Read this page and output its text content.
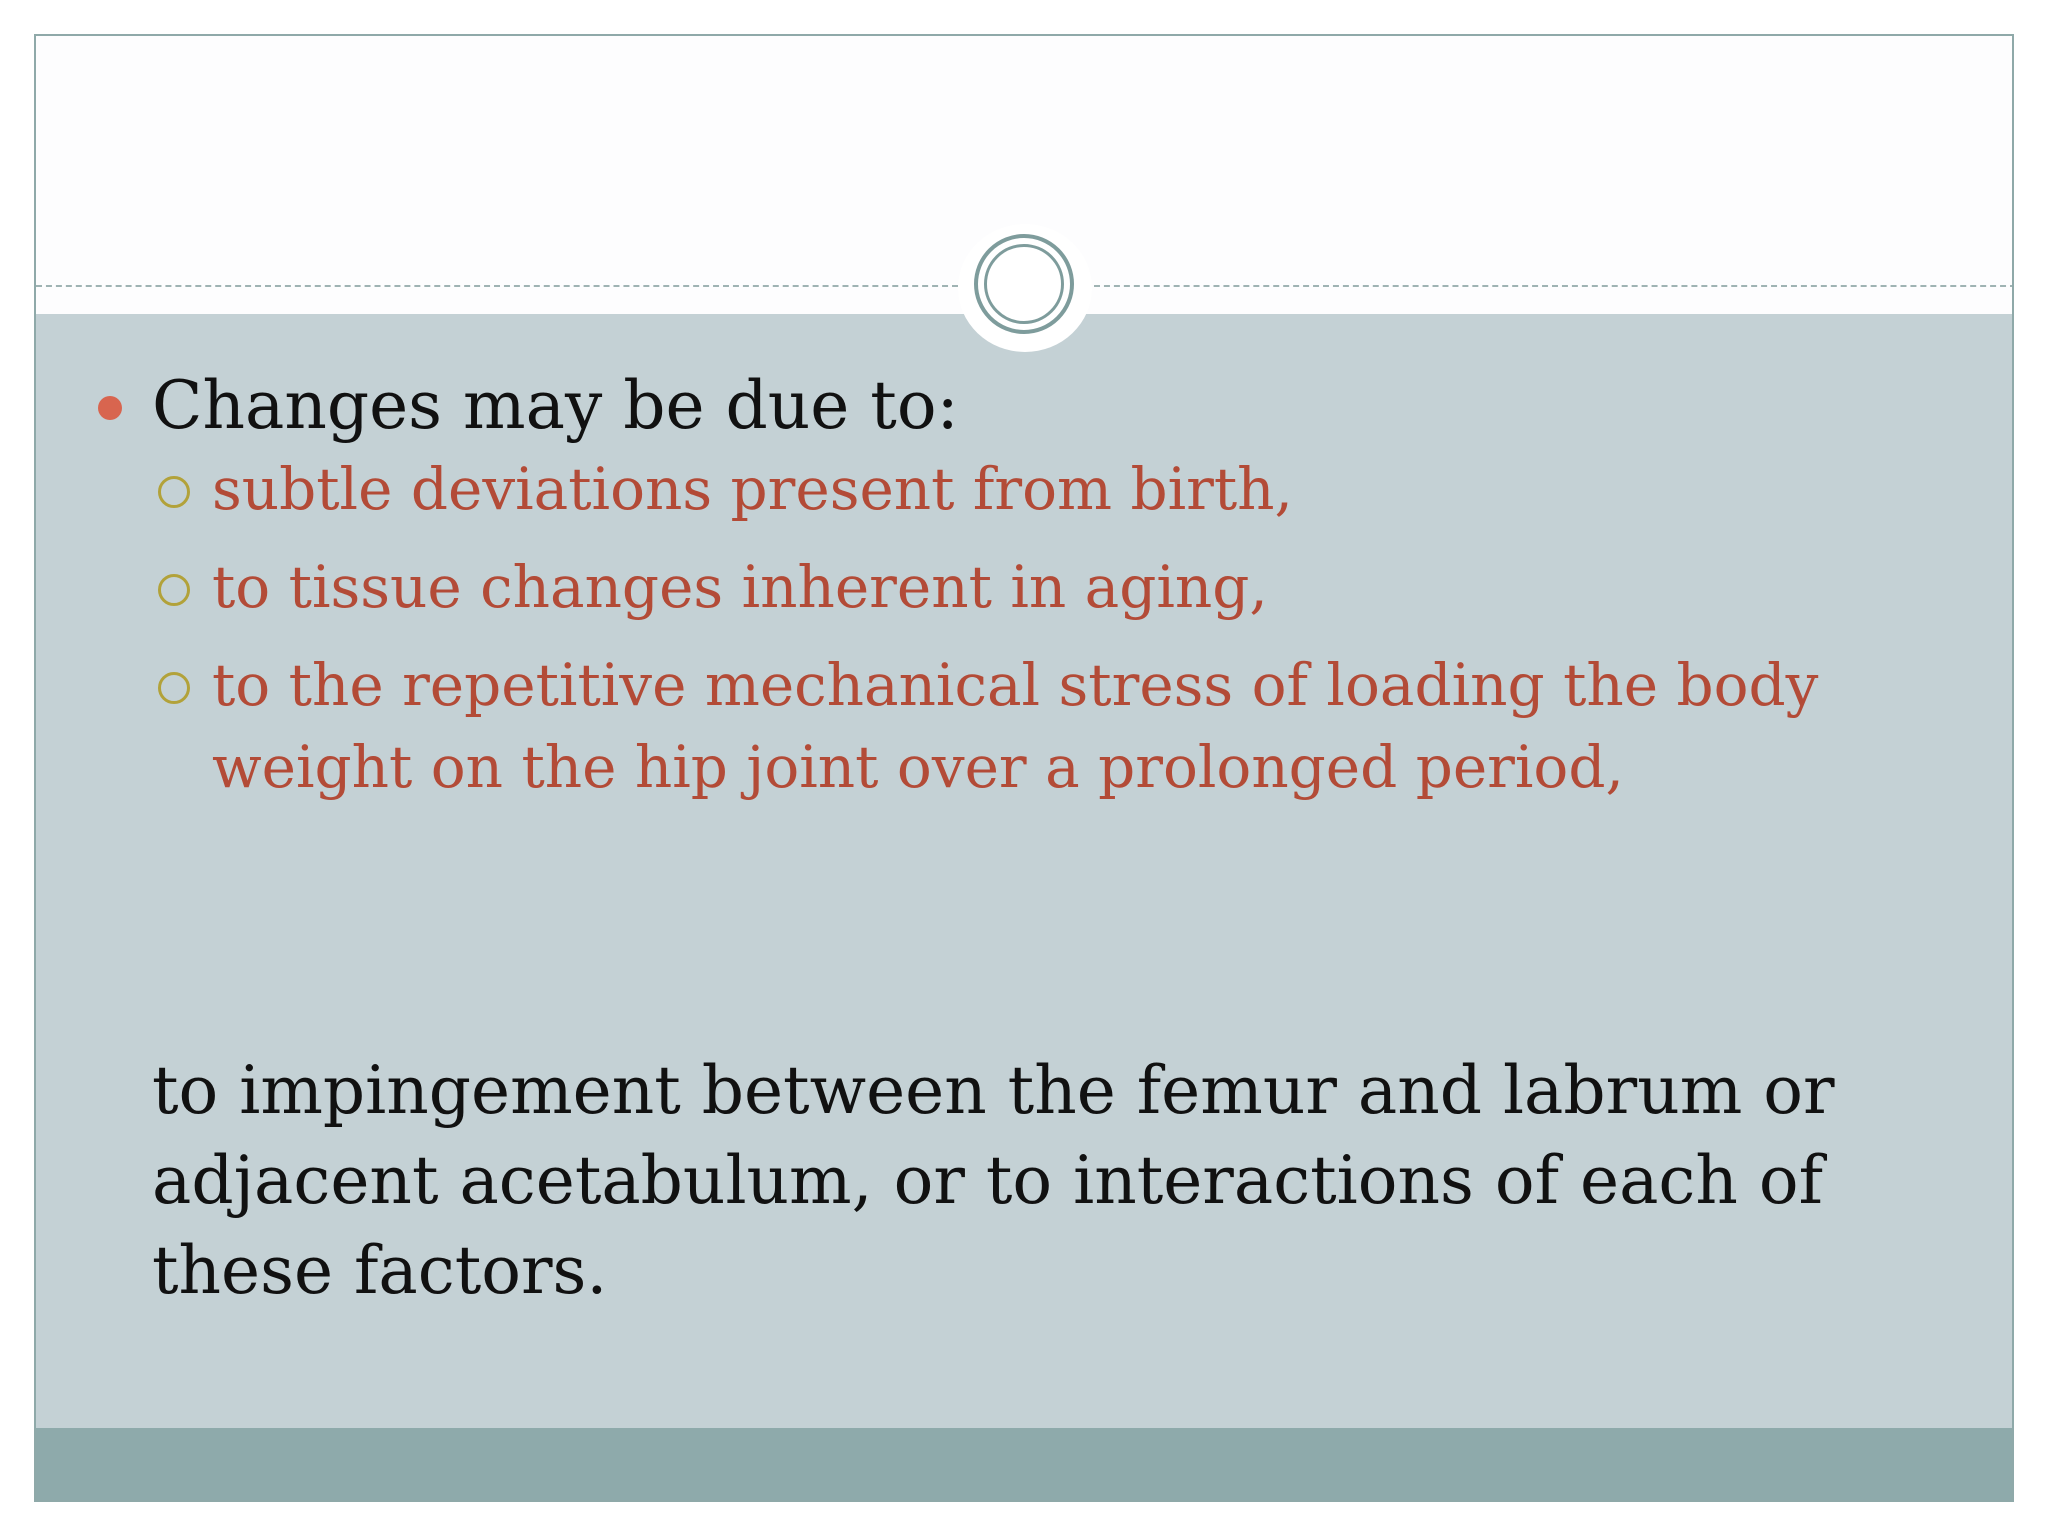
Changes may be due to:
subtle deviations present from birth,
to tissue changes inherent in aging,
to the repetitive mechanical stress of loading the body weight on the hip joint over a prolonged period,

to impingement between the femur and labrum or adjacent acetabulum, or to interactions of each of these factors.
